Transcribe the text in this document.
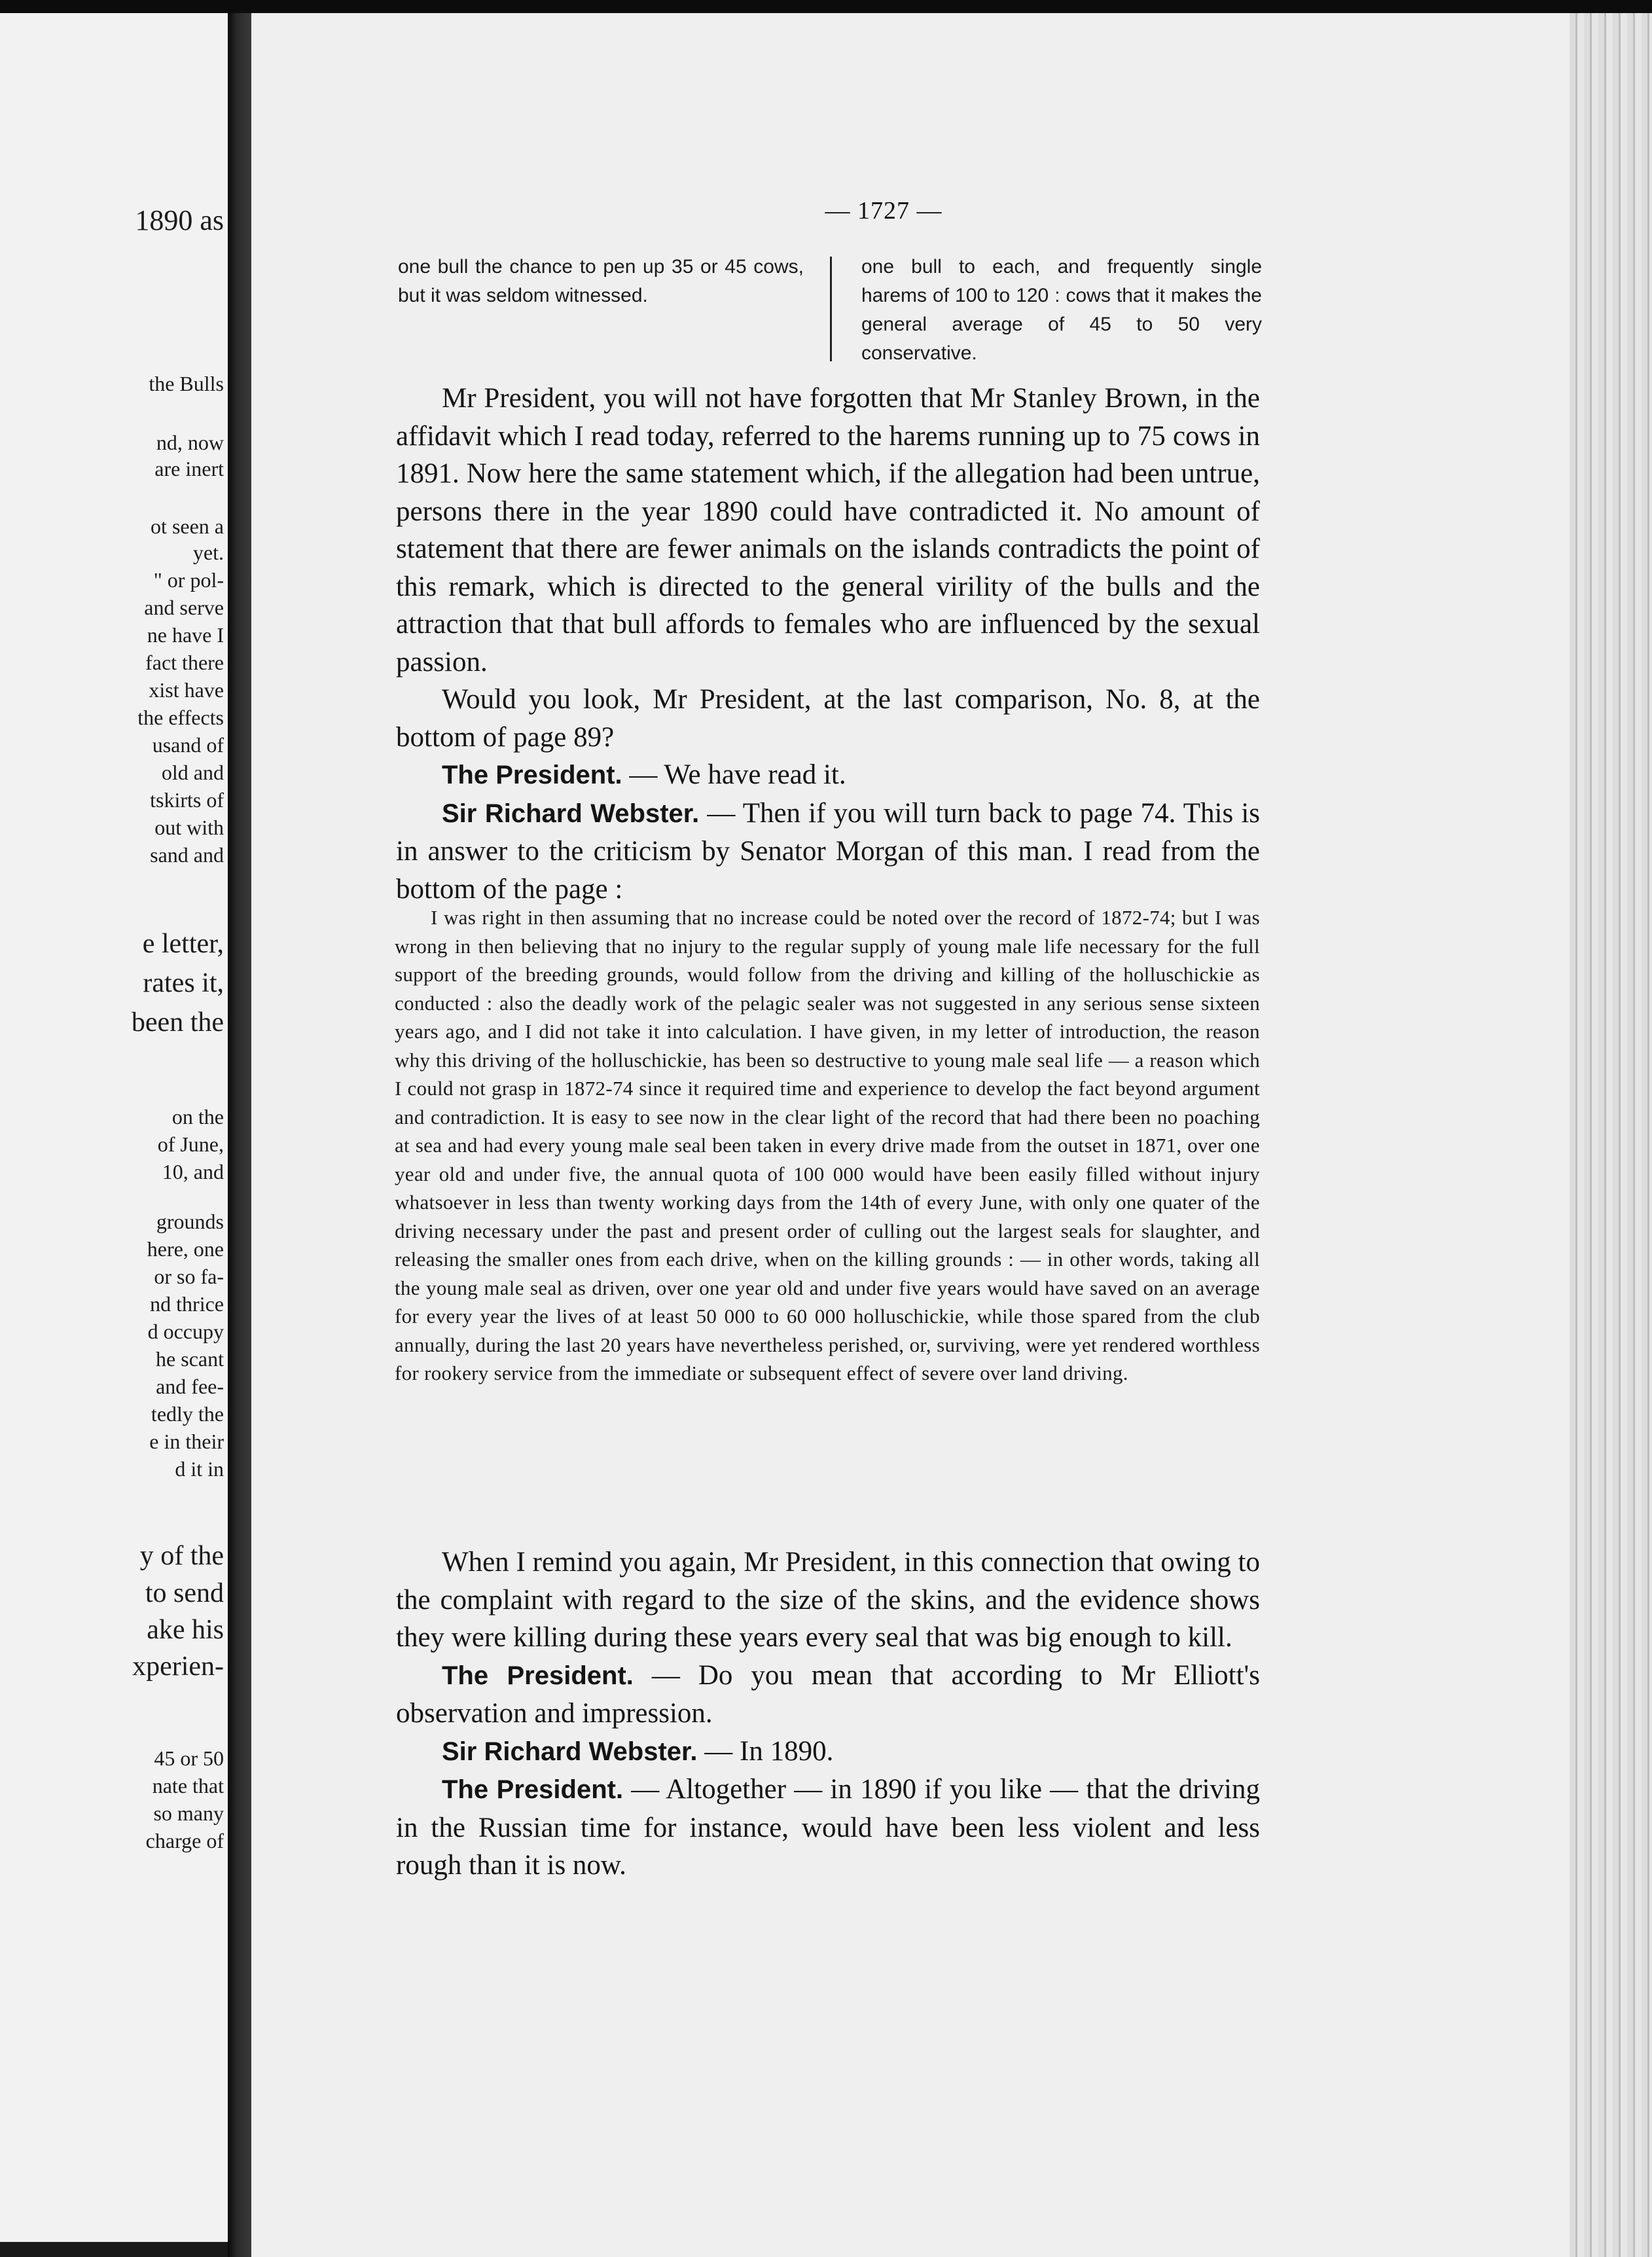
1890 as
the Bulls
nd, now
are inert
ot seen a
yet.
" or pol-
and serve
ne have I
fact there
xist have
the effects
usand of
old and
tskirts of
out with
sand and
e letter,
rates it,
been the
on the
of June,
10, and
grounds
here, one
or so fa-
nd thrice
d occupy
he scant
and fee-
tedly the
e in their
d it in
y of the
to send
ake his
xperien-
45 or 50
nate that
so many
charge of
— 1727 —
one bull the chance to pen up 35 or 45 cows, but it was seldom witnessed.
one bull to each, and frequently single harems of 100 to 120 : cows that it makes the general average of 45 to 50 very conservative.

Mr President, you will not have forgotten that Mr Stanley Brown, in the affidavit which I read today, referred to the harems running up to 75 cows in 1891. Now here the same statement which, if the allegation had been untrue, persons there in the year 1890 could have contradicted it. No amount of statement that there are fewer animals on the islands contradicts the point of this remark, which is directed to the general virility of the bulls and the attraction that that bull affords to females who are influenced by the sexual passion.

Would you look, Mr President, at the last comparison, No. 8, at the bottom of page 89?

The President. — We have read it.

Sir Richard Webster. — Then if you will turn back to page 74. This is in answer to the criticism by Senator Morgan of this man. I read from the bottom of the page :

I was right in then assuming that no increase could be noted over the record of 1872-74; but I was wrong in then believing that no injury to the regular supply of young male life necessary for the full support of the breeding grounds, would follow from the driving and killing of the holluschickie as conducted : also the deadly work of the pelagic sealer was not suggested in any serious sense sixteen years ago, and I did not take it into calculation. I have given, in my letter of introduction, the reason why this driving of the holluschickie, has been so destructive to young male seal life — a reason which I could not grasp in 1872-74 since it required time and experience to develop the fact beyond argument and contradiction. It is easy to see now in the clear light of the record that had there been no poaching at sea and had every young male seal been taken in every drive made from the outset in 1871, over one year old and under five, the annual quota of 100 000 would have been easily filled without injury whatsoever in less than twenty working days from the 14th of every June, with only one quater of the driving necessary under the past and present order of culling out the largest seals for slaughter, and releasing the smaller ones from each drive, when on the killing grounds : — in other words, taking all the young male seal as driven, over one year old and under five years would have saved on an average for every year the lives of at least 50 000 to 60 000 holluschickie, while those spared from the club annually, during the last 20 years have nevertheless perished, or, surviving, were yet rendered worthless for rookery service from the immediate or subsequent effect of severe over land driving.

When I remind you again, Mr President, in this connection that owing to the complaint with regard to the size of the skins, and the evidence shows they were killing during these years every seal that was big enough to kill.

The President. — Do you mean that according to Mr Elliott's observation and impression.

Sir Richard Webster. — In 1890.

The President. — Altogether — in 1890 if you like — that the driving in the Russian time for instance, would have been less violent and less rough than it is now.
